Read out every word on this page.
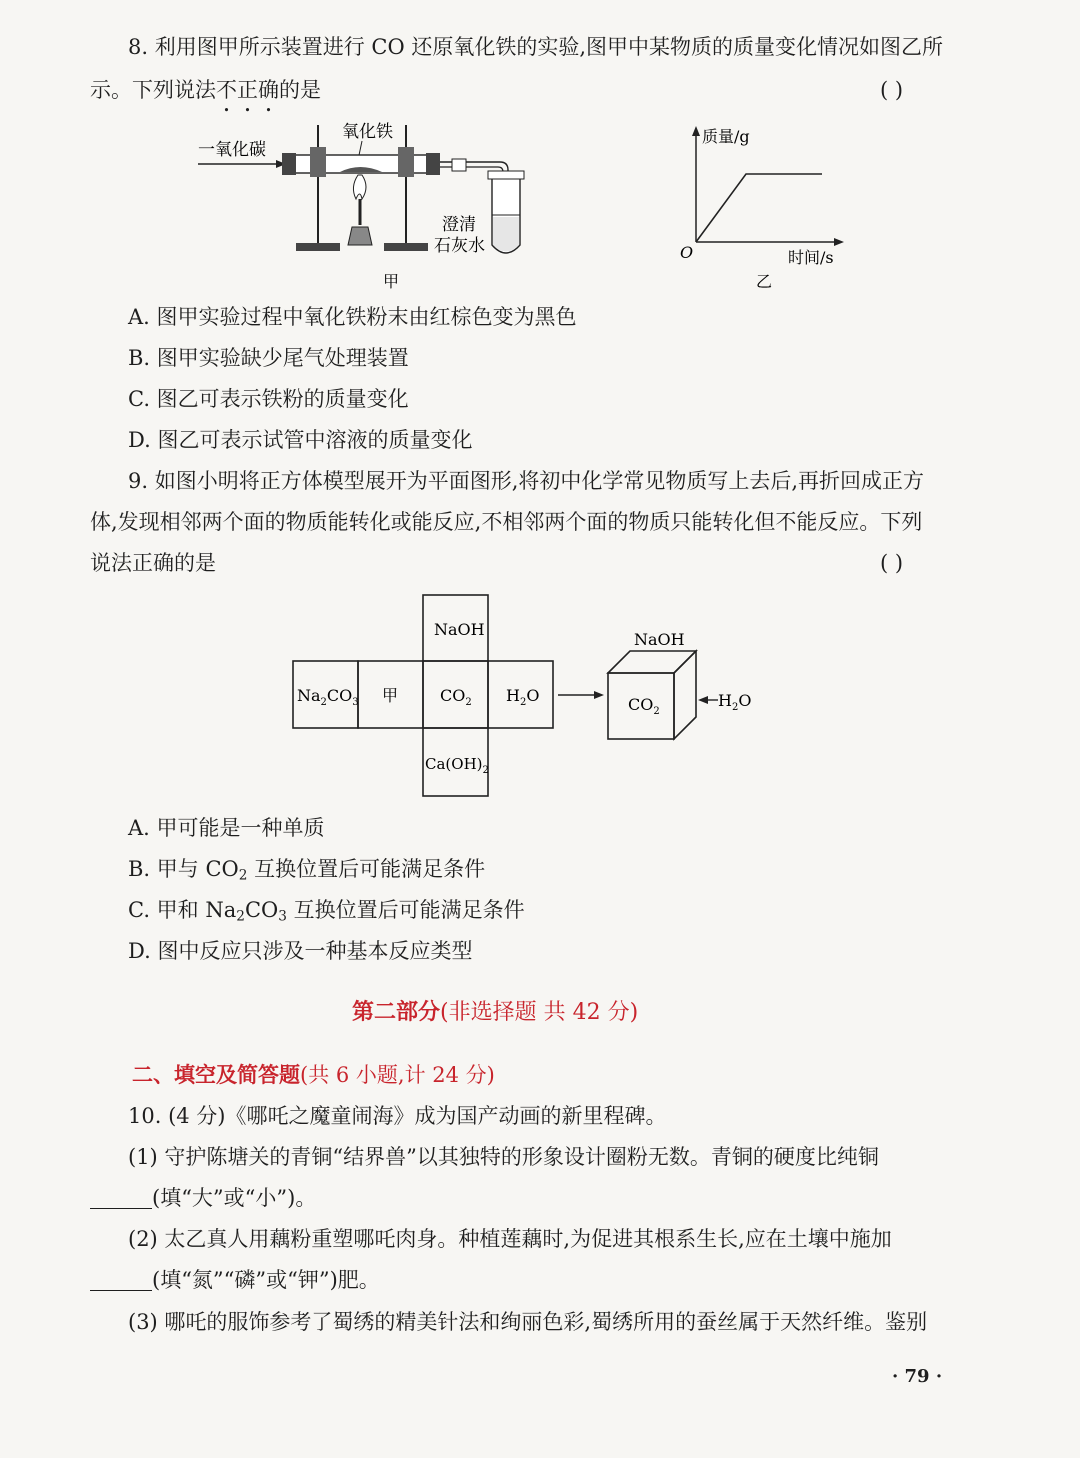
8. 利用图甲所示装置进行 CO 还原氧化铁的实验,图甲中某物质的质量变化情况如图乙所
示。下列说法不正确的是	( )
一氧化碳
氧化铁
澄清
石灰水
甲
质量/g
时间/s
O
乙
A. 图甲实验过程中氧化铁粉末由红棕色变为黑色
B. 图甲实验缺少尾气处理装置
C. 图乙可表示铁粉的质量变化
D. 图乙可表示试管中溶液的质量变化
9. 如图小明将正方体模型展开为平面图形,将初中化学常见物质写上去后,再折回成正方
体,发现相邻两个面的物质能转化或能反应,不相邻两个面的物质只能转化但不能反应。下列
说法正确的是	( )
NaOH
$Na_2CO_3$ 甲	$CO_2$ $H_2O$
$Ca(OH)_2$
NaOH
$CO_2$
$H_2O$
A. 甲可能是一种单质
B. 甲与 $CO_2$ 互换位置后可能满足条件
C. 甲和 $Na_2CO_3$ 互换位置后可能满足条件
D. 图中反应只涉及一种基本反应类型
第二部分(非选择题 共 42 分)
二、填空及简答题(共 6 小题,计 24 分)
10. (4 分)《哪吒之魔童闹海》成为国产动画的新里程碑。
(1) 守护陈塘关的青铜“结界兽”以其独特的形象设计圈粉无数。青铜的硬度比纯铜
(填“大”或“小”)。
(2) 太乙真人用藕粉重塑哪吒肉身。种植莲藕时,为促进其根系生长,应在土壤中施加
(填“氮”“磷”或“钾”)肥。
(3) 哪吒的服饰参考了蜀绣的精美针法和绚丽色彩,蜀绣所用的蚕丝属于天然纤维。鉴别
· 79 ·
